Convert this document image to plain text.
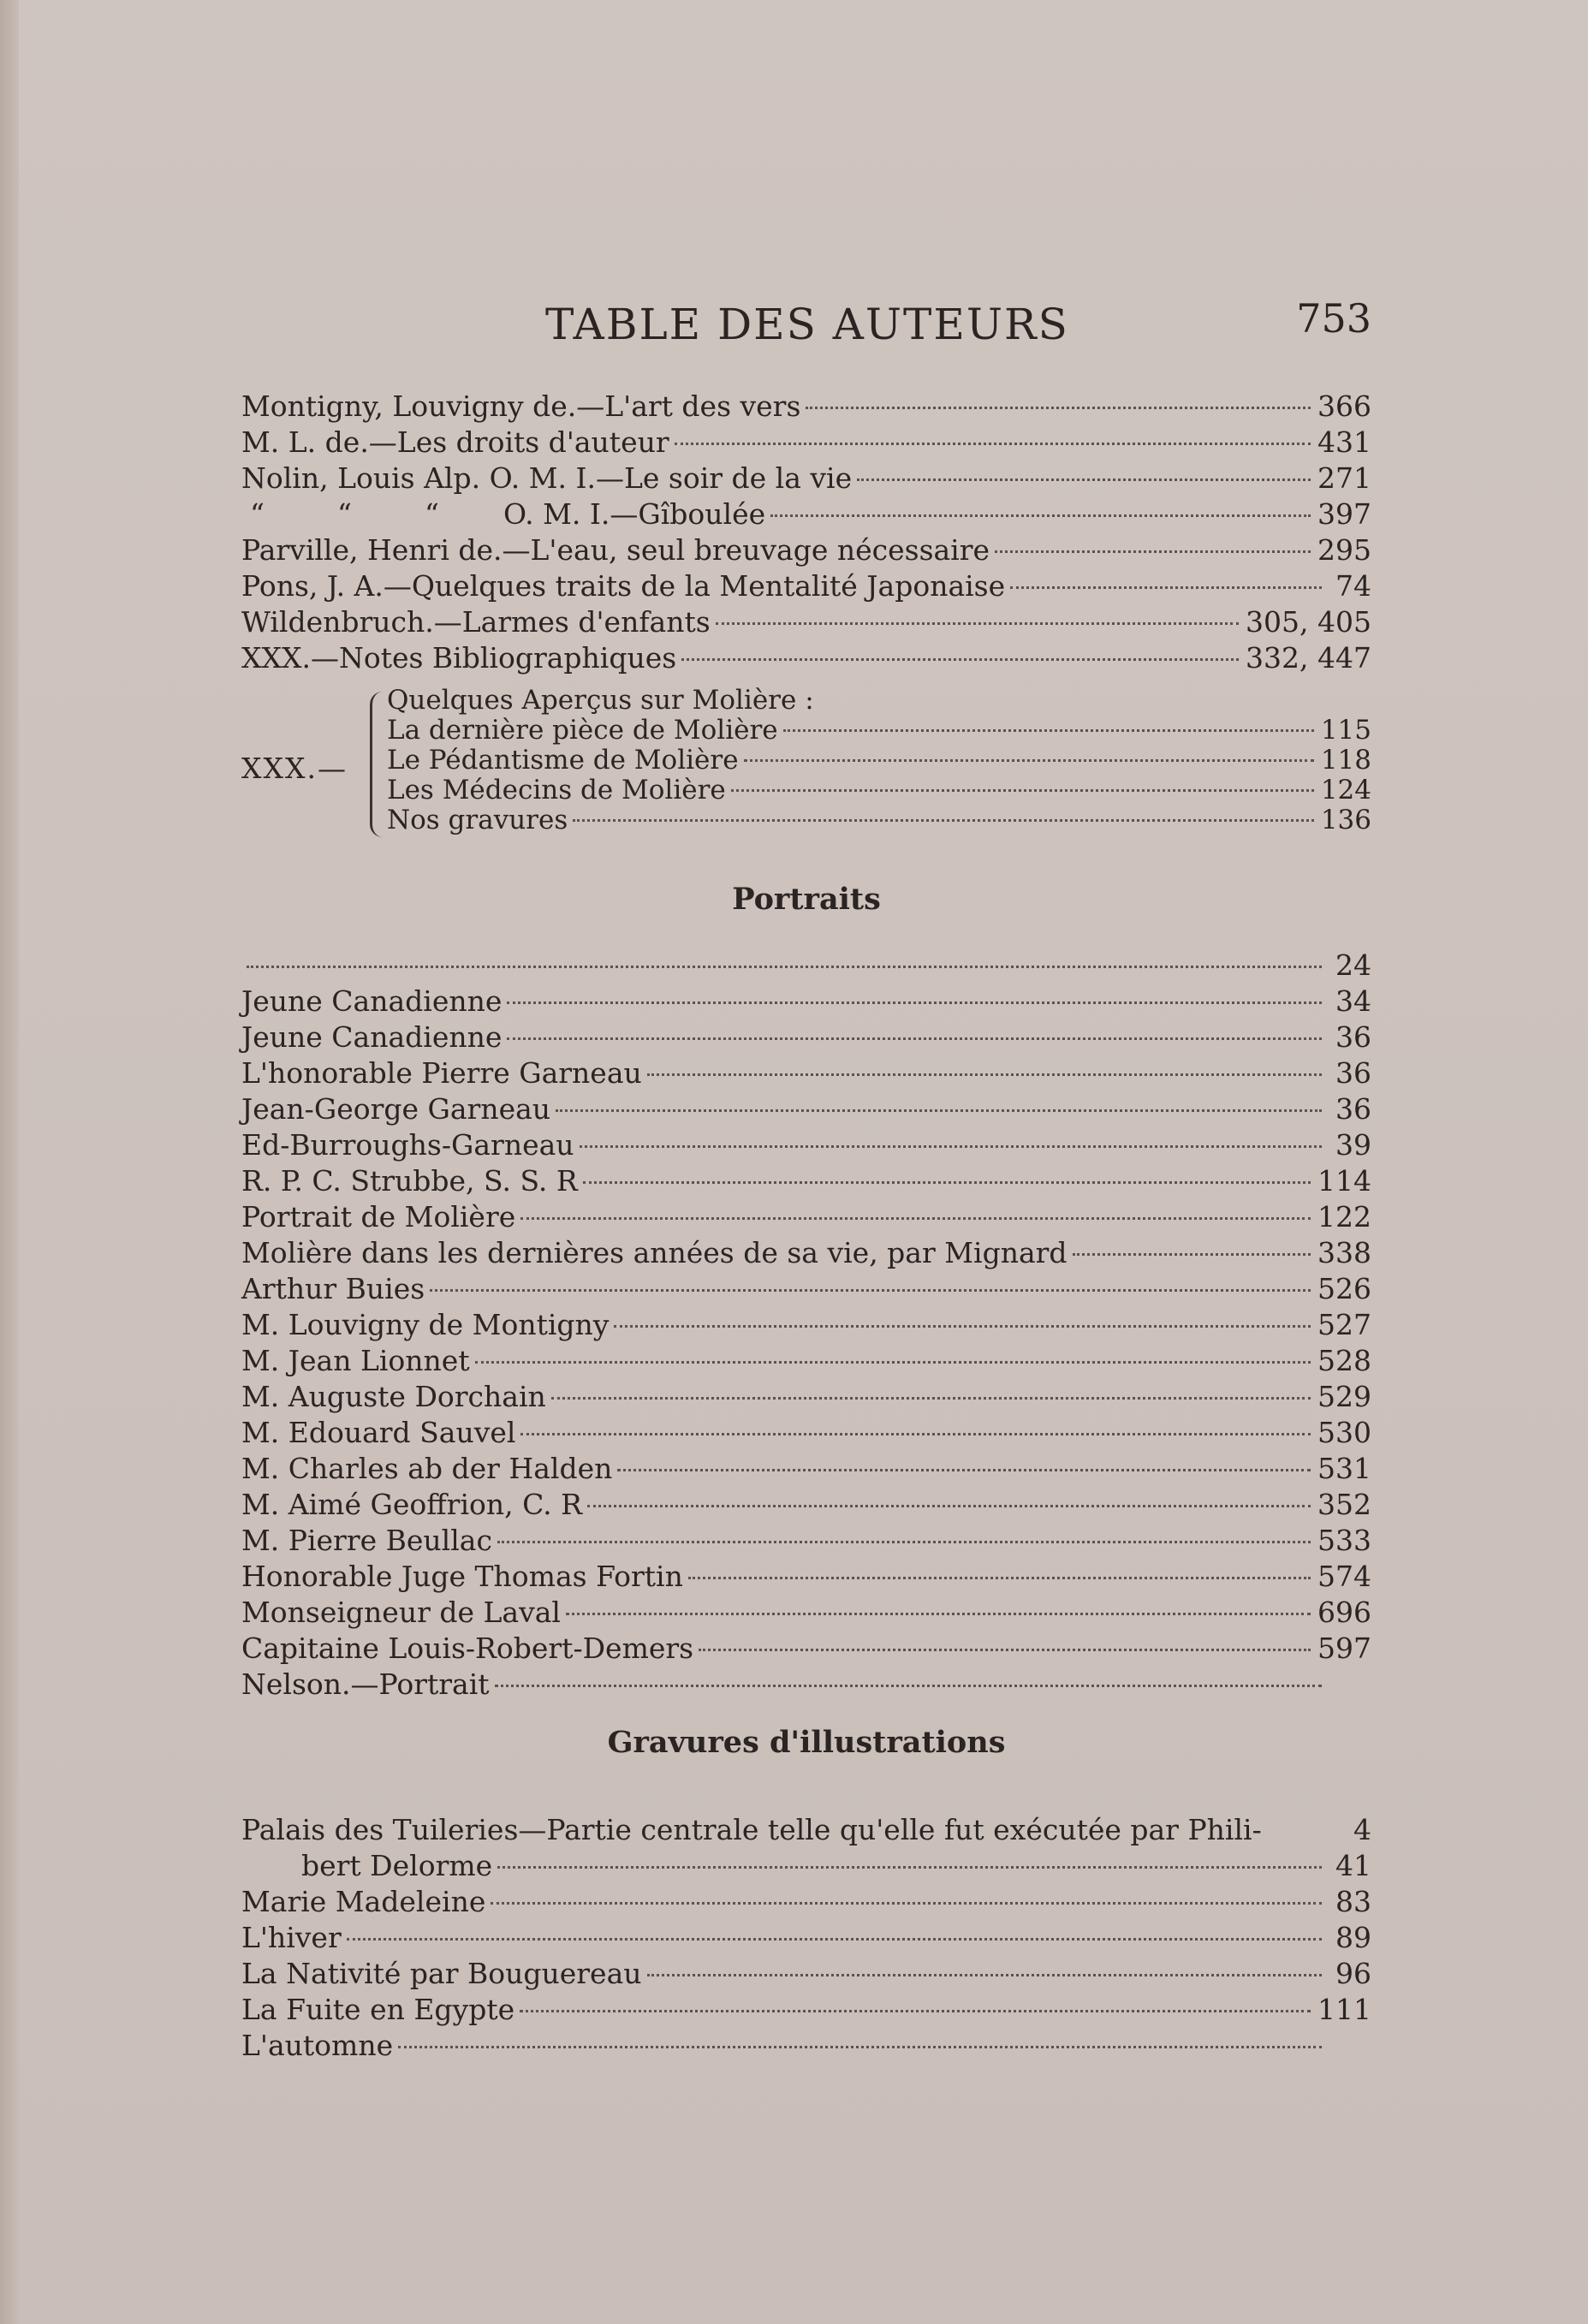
TABLE DES AUTEURS	753
Montigny, Louvigny de.—L'art des vers	366
M. L. de.—Les droits d'auteur	431
Nolin, Louis Alp. O. M. I.—Le soir de la vie	271
“	“	“ O. M. I.—Gîboulée	397
Parville, Henri de.—L'eau, seul breuvage nécessaire	295
Pons, J. A.—Quelques traits de la Mentalité Japonaise	74
Wildenbruch.—Larmes d'enfants	305, 405
XXX.—Notes Bibliographiques	332, 447
XXX.—
Quelques Aperçus sur Molière :
La dernière pièce de Molière	115
Le Pédantisme de Molière	118
Les Médecins de Molière	124
Nos gravures	136
Portraits
24
Jeune Canadienne	34
Jeune Canadienne	36
L'honorable Pierre Garneau	36
Jean-George Garneau	36
Ed-Burroughs-Garneau	39
R. P. C. Strubbe, S. S. R	114
Portrait de Molière	122
Molière dans les dernières années de sa vie, par Mignard	338
Arthur Buies	526
M. Louvigny de Montigny	527
M. Jean Lionnet	528
M. Auguste Dorchain	529
M. Edouard Sauvel	530
M. Charles ab der Halden	531
M. Aimé Geoffrion, C. R	352
M. Pierre Beullac	533
Honorable Juge Thomas Fortin	574
Monseigneur de Laval	696
Capitaine Louis-Robert-Demers	597
Nelson.—Portrait
Gravures d'illustrations
Palais des Tuileries—Partie centrale telle qu'elle fut exécutée par Phili-	4
bert Delorme	41
Marie Madeleine	83
L'hiver	89
La Nativité par Bouguereau	96
La Fuite en Egypte	111
L'automne
